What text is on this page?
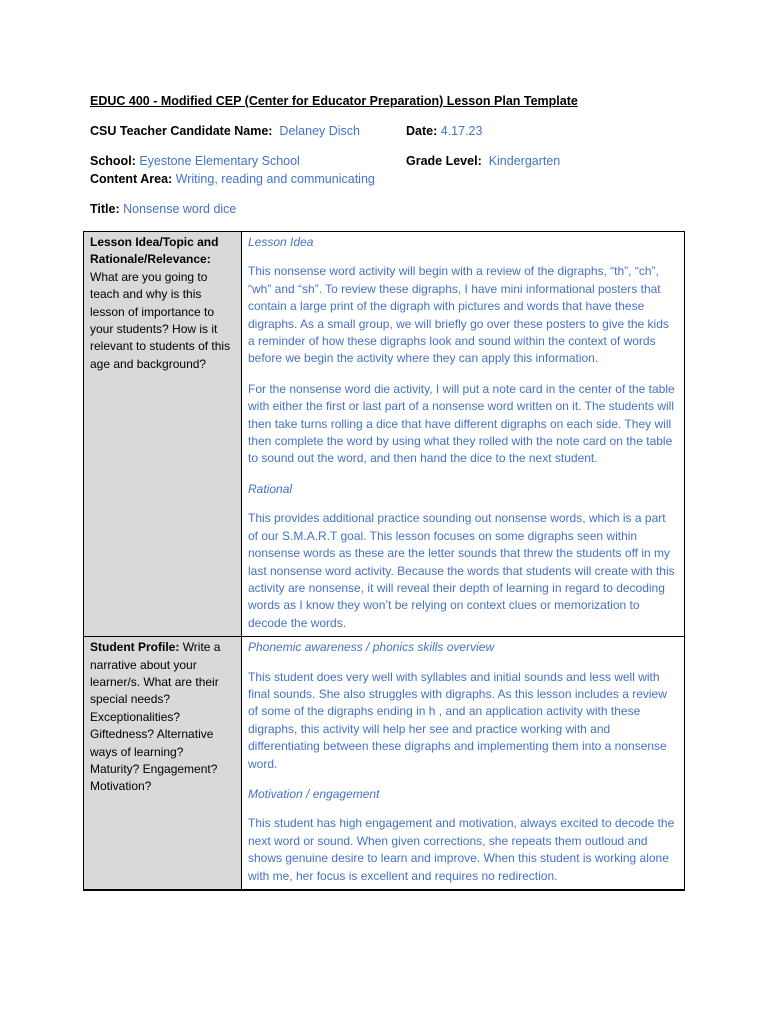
EDUC 400 - Modified CEP (Center for Educator Preparation) Lesson Plan Template
CSU Teacher Candidate Name: Delaney Disch	Date: 4.17.23
School: Eyestone Elementary School	Grade Level: Kindergarten
Content Area: Writing, reading and communicating
Title: Nonsense word dice
Lesson Idea/Topic and Rationale/Relevance: What are you going to teach and why is this lesson of importance to your students? How is it relevant to students of this age and background?	Lesson Idea

This nonsense word activity will begin with a review of the digraphs, “th”, “ch”, “wh” and “sh”. To review these digraphs, I have mini informational posters that contain a large print of the digraph with pictures and words that have these digraphs. As a small group, we will briefly go over these posters to give the kids a reminder of how these digraphs look and sound within the context of words before we begin the activity where they can apply this information.

For the nonsense word die activity, I will put a note card in the center of the table with either the first or last part of a nonsense word written on it. The students will then take turns rolling a dice that have different digraphs on each side. They will then complete the word by using what they rolled with the note card on the table to sound out the word, and then hand the dice to the next student.

Rational

This provides additional practice sounding out nonsense words, which is a part of our S.M.A.R.T goal. This lesson focuses on some digraphs seen within nonsense words as these are the letter sounds that threw the students off in my last nonsense word activity. Because the words that students will create with this activity are nonsense, it will reveal their depth of learning in regard to decoding words as I know they won’t be relying on context clues or memorization to decode the words.

Student Profile: Write a narrative about your learner/s. What are their special needs? Exceptionalities? Giftedness? Alternative ways of learning? Maturity? Engagement? Motivation?	Phonemic awareness / phonics skills overview

This student does very well with syllables and initial sounds and less well with final sounds. She also struggles with digraphs. As this lesson includes a review of some of the digraphs ending in h , and an application activity with these digraphs, this activity will help her see and practice working with and differentiating between these digraphs and implementing them into a nonsense word.

Motivation / engagement

This student has high engagement and motivation, always excited to decode the next word or sound. When given corrections, she repeats them outloud and shows genuine desire to learn and improve. When this student is working alone with me, her focus is excellent and requires no redirection.
